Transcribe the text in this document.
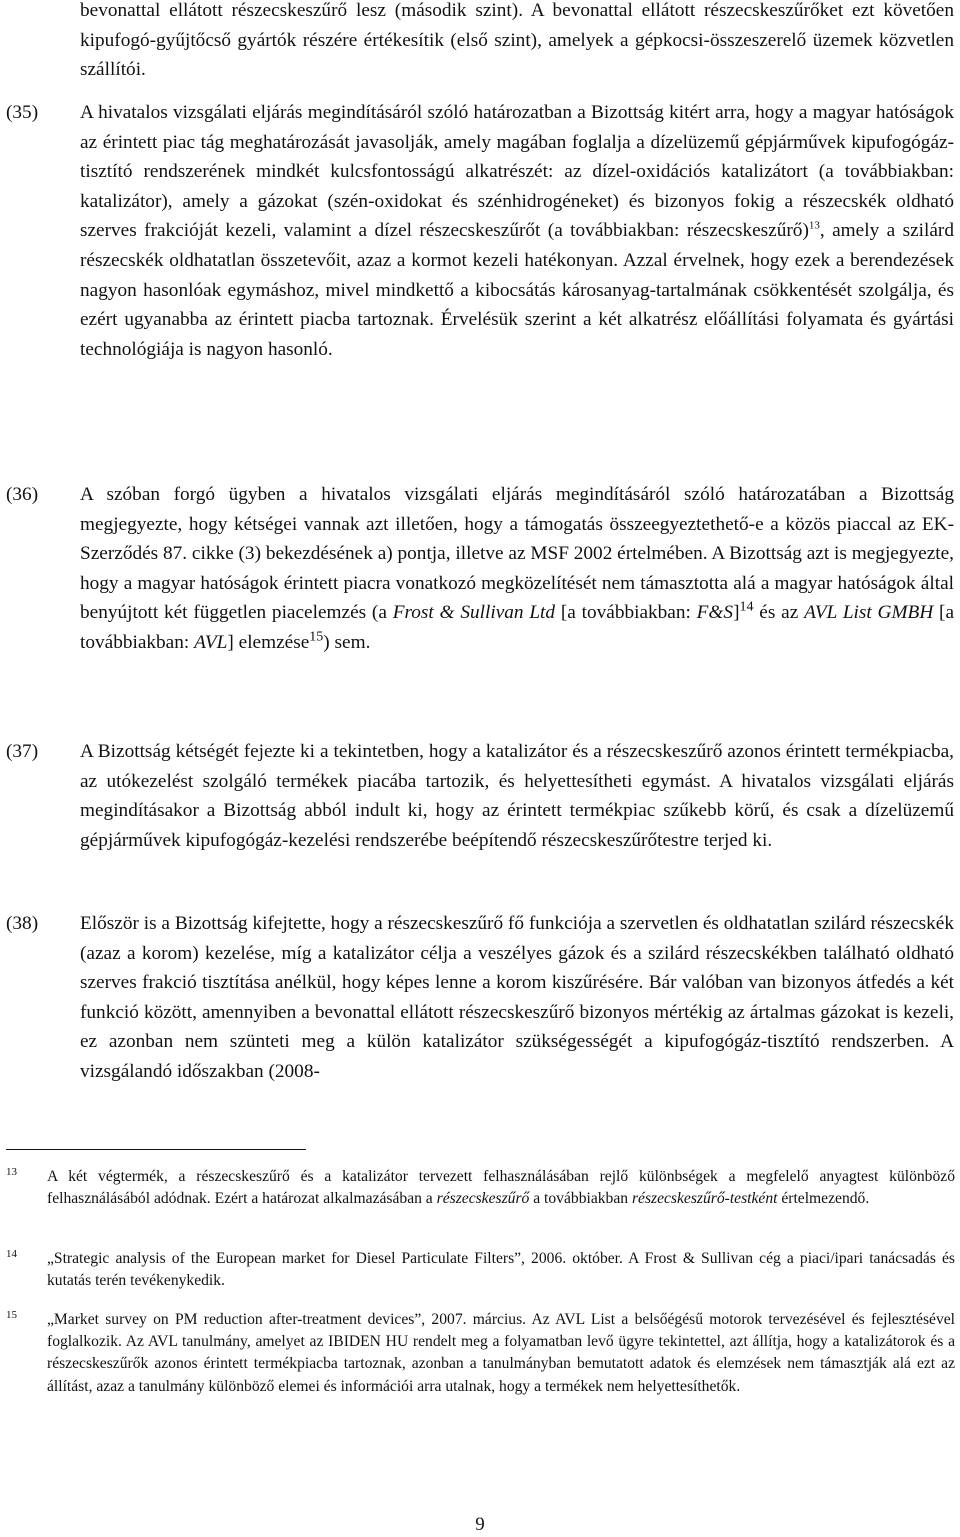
bevonattal ellátott részecskeszűrő lesz (második szint). A bevonattal ellátott részecskeszűrőket ezt követően kipufogó-gyűjtőcső gyártók részére értékesítik (első szint), amelyek a gépkocsi-összeszerelő üzemek közvetlen szállítói.
(35)	A hivatalos vizsgálati eljárás megindításáról szóló határozatban a Bizottság kitért arra, hogy a magyar hatóságok az érintett piac tág meghatározását javasolják, amely magában foglalja a dízelüzemű gépjárművek kipufogógáz-tisztító rendszerének mindkét kulcsfontosságú alkatrészét: az dízel-oxidációs katalizátort (a továbbiakban: katalizátor), amely a gázokat (szén-oxidokat és szénhidrogéneket) és bizonyos fokig a részecskék oldható szerves frakcióját kezeli, valamint a dízel részecskeszűrőt (a továbbiakban: részecskeszűrő)$^{13}$, amely a szilárd részecskék oldhatatlan összetevőit, azaz a kormot kezeli hatékonyan. Azzal érvelnek, hogy ezek a berendezések nagyon hasonlóak egymáshoz, mivel mindkettő a kibocsátás károsanyag-tartalmának csökkentését szolgálja, és ezért ugyanabba az érintett piacba tartoznak. Érvelésük szerint a két alkatrész előállítási folyamata és gyártási technológiája is nagyon hasonló.
(36)	A szóban forgó ügyben a hivatalos vizsgálati eljárás megindításáról szóló határozatában a Bizottság megjegyezte, hogy kétségei vannak azt illetően, hogy a támogatás összeegyeztethető-e a közös piaccal az EK-Szerződés 87. cikke (3) bekezdésének a) pontja, illetve az MSF 2002 értelmében. A Bizottság azt is megjegyezte, hogy a magyar hatóságok érintett piacra vonatkozó megközelítését nem támasztotta alá a magyar hatóságok által benyújtott két független piacelemzés (a Frost & Sullivan Ltd [a továbbiakban: F&S]$^{14}$ és az AVL List GMBH [a továbbiakban: AVL] elemzése$^{15}$) sem.
(37)	A Bizottság kétségét fejezte ki a tekintetben, hogy a katalizátor és a részecskeszűrő azonos érintett termékpiacba, az utókezelést szolgáló termékek piacába tartozik, és helyettesítheti egymást. A hivatalos vizsgálati eljárás megindításakor a Bizottság abból indult ki, hogy az érintett termékpiac szűkebb körű, és csak a dízelüzemű gépjárművek kipufogógáz-kezelési rendszerébe beépítendő részecskeszűrőtestre terjed ki.
(38)	Először is a Bizottság kifejtette, hogy a részecskeszűrő fő funkciója a szervetlen és oldhatatlan szilárd részecskék (azaz a korom) kezelése, míg a katalizátor célja a veszélyes gázok és a szilárd részecskékben található oldható szerves frakció tisztítása anélkül, hogy képes lenne a korom kiszűrésére. Bár valóban van bizonyos átfedés a két funkció között, amennyiben a bevonattal ellátott részecskeszűrő bizonyos mértékig az ártalmas gázokat is kezeli, ez azonban nem szünteti meg a külön katalizátor szükségességét a kipufogógáz-tisztító rendszerben. A vizsgálandó időszakban (2008-
13 A két végtermék, a részecskeszűrő és a katalizátor tervezett felhasználásában rejlő különbségek a megfelelő anyagtest különböző felhasználásából adódnak. Ezért a határozat alkalmazásában a részecskeszűrő a továbbiakban részecskeszűrő-testként értelmezendő.
14 „Strategic analysis of the European market for Diesel Particulate Filters”, 2006. október. A Frost & Sullivan cég a piaci/ipari tanácsadás és kutatás terén tevékenykedik.
15 „Market survey on PM reduction after-treatment devices”, 2007. március. Az AVL List a belsőégésű motorok tervezésével és fejlesztésével foglalkozik. Az AVL tanulmány, amelyet az IBIDEN HU rendelt meg a folyamatban levő ügyre tekintettel, azt állítja, hogy a katalizátorok és a részecskeszűrők azonos érintett termékpiacba tartoznak, azonban a tanulmányban bemutatott adatok és elemzések nem támasztják alá ezt az állítást, azaz a tanulmány különböző elemei és információi arra utalnak, hogy a termékek nem helyettesíthetők.
9
